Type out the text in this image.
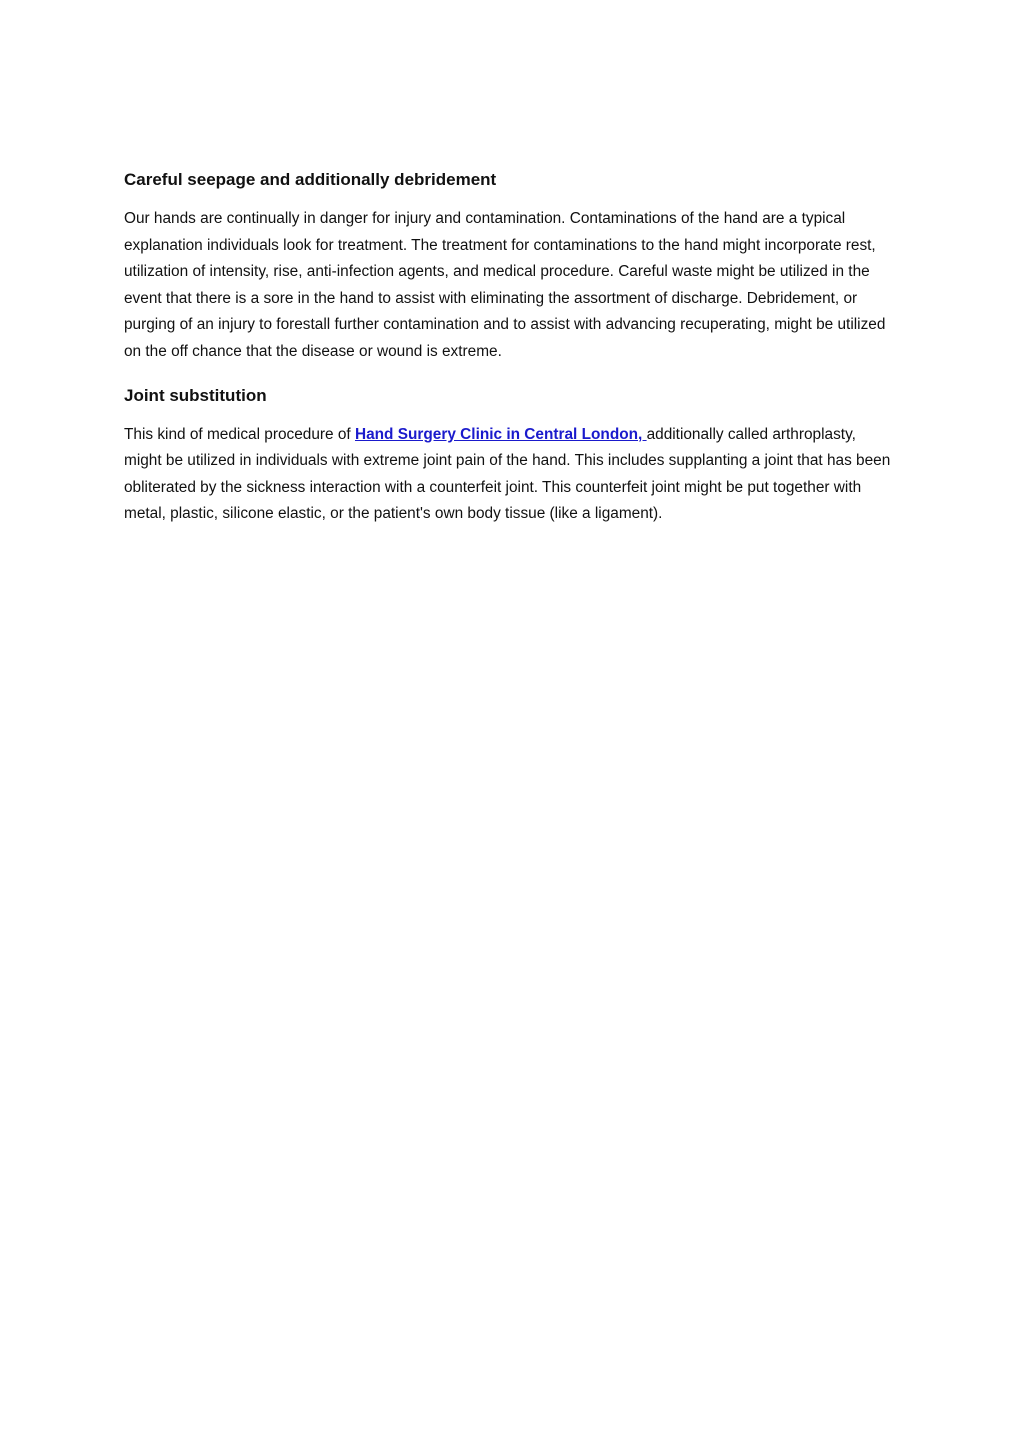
Careful seepage and additionally debridement

Our hands are continually in danger for injury and contamination. Contaminations of the hand are a typical explanation individuals look for treatment. The treatment for contaminations to the hand might incorporate rest, utilization of intensity, rise, anti-infection agents, and medical procedure. Careful waste might be utilized in the event that there is a sore in the hand to assist with eliminating the assortment of discharge. Debridement, or purging of an injury to forestall further contamination and to assist with advancing recuperating, might be utilized on the off chance that the disease or wound is extreme.

Joint substitution

This kind of medical procedure of Hand Surgery Clinic in Central London, additionally called arthroplasty, might be utilized in individuals with extreme joint pain of the hand. This includes supplanting a joint that has been obliterated by the sickness interaction with a counterfeit joint. This counterfeit joint might be put together with metal, plastic, silicone elastic, or the patient's own body tissue (like a ligament).
